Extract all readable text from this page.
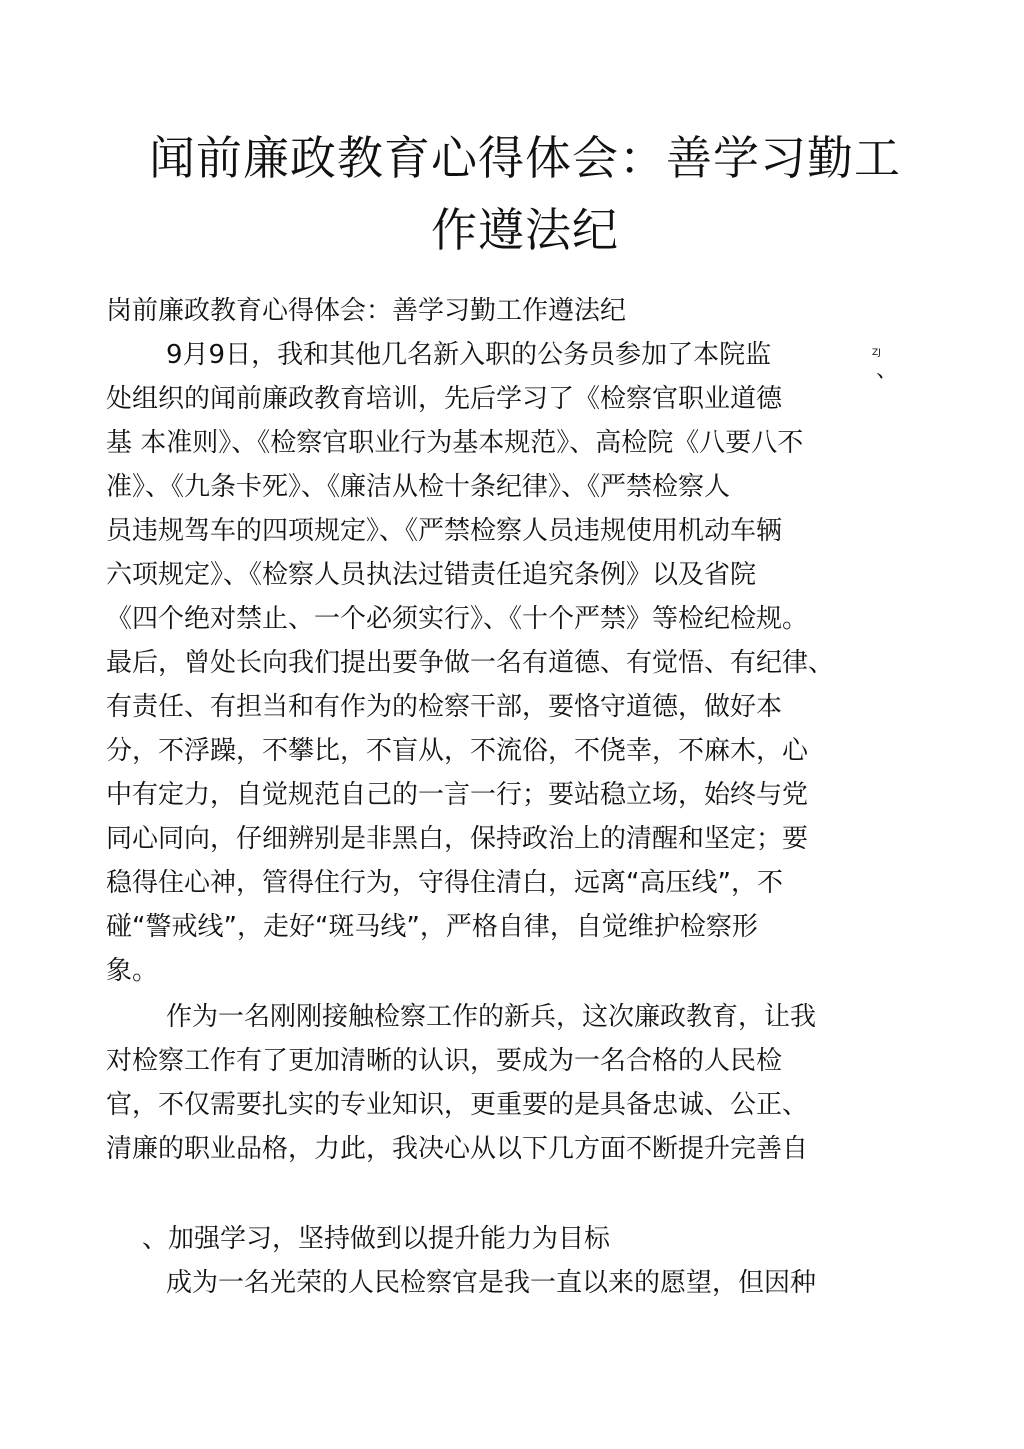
闻前廉政教育心得体会：善学习勤工
作遵法纪
岗前廉政教育心得体会：善学习勤工作遵法纪
9月9日，我和其他几名新入职的公务员参加了本院监	ZJ
、
处组织的闻前廉政教育培训，先后学习了《检察官职业道德
基 本准则》、《检察官职业行为基本规范》、高检院《八要八不
准》、《九条卡死》、《廉洁从检十条纪律》、《严禁检察人
员违规驾车的四项规定》、《严禁检察人员违规使用机动车辆
六项规定》、《检察人员执法过错责任追究条例》以及省院
《四个绝对禁止、一个必须实行》、《十个严禁》等检纪检规。
最后，曾处长向我们提出要争做一名有道德、有觉悟、有纪律、
有责任、有担当和有作为的检察干部，要恪守道德，做好本
分，不浮躁，不攀比，不盲从，不流俗，不侥幸，不麻木，心
中有定力，自觉规范自己的一言一行；要站稳立场，始终与党
同心同向，仔细辨别是非黑白，保持政治上的清醒和坚定；要
稳得住心神，管得住行为，守得住清白，远离“高压线”，不
碰“警戒线”，走好“斑马线”，严格自律，自觉维护检察形
象。
作为一名刚刚接触检察工作的新兵，这次廉政教育，让我
对检察工作有了更加清晰的认识，要成为一名合格的人民检
官，不仅需要扎实的专业知识，更重要的是具备忠诚、公正、
清廉的职业品格，力此，我决心从以下几方面不断提升完善自
、加强学习，坚持做到以提升能力为目标
成为一名光荣的人民检察官是我一直以来的愿望，但因种
